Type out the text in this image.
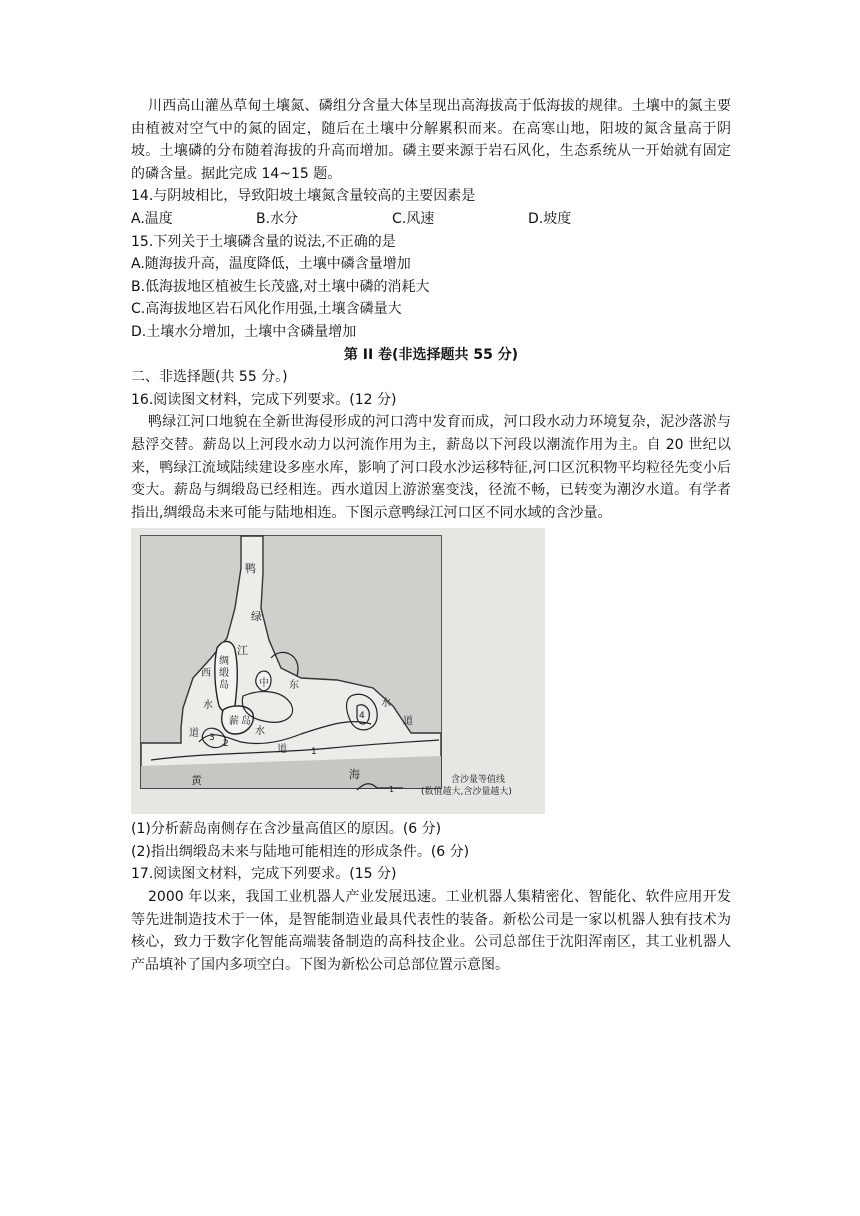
川西高山灌丛草甸土壤氮、磷组分含量大体呈现出高海拔高于低海拔的规律。土壤中的氮主要由植被对空气中的氮的固定，随后在土壤中分解累积而来。在高寒山地，阳坡的氮含量高于阴坡。土壤磷的分布随着海拔的升高而增加。磷主要来源于岩石风化，生态系统从一开始就有固定的磷含量。据此完成 14~15 题。

14.与阴坡相比，导致阳坡土壤氮含量较高的主要因素是

A.温度	B.水分	C.风速	D.坡度

15.下列关于土壤磷含量的说法,不正确的是

A.随海拔升高，温度降低，土壤中磷含量增加

B.低海拔地区植被生长茂盛,对土壤中磷的消耗大

C.高海拔地区岩石风化作用强,土壤含磷量大

D.土壤水分增加，土壤中含磷量增加

第 II 卷(非选择题共 55 分)

二、非选择题(共 55 分。)

16.阅读图文材料，完成下列要求。(12 分)

鸭绿江河口地貌在全新世海侵形成的河口湾中发育而成，河口段水动力环境复杂，泥沙落淤与悬浮交替。薪岛以上河段水动力以河流作用为主，薪岛以下河段以潮流作用为主。自 20 世纪以来，鸭绿江流域陆续建设多座水库，影响了河口段水沙运移特征,河口区沉积物平均粒径先变小后变大。薪岛与绸缎岛已经相连。西水道因上游淤塞变浅，径流不畅，已转变为潮汐水道。有学者指出,绸缎岛未来可能与陆地相连。下图示意鸭绿江河口区不同水域的含沙量。

鸭
绿
江
绸
缎
岛
西
水
道
薪 岛
中
水
道
东
水
道
黄	海
1
2
3
4
1
含沙量等值线
(数值越大,含沙量越大)

(1)分析薪岛南侧存在含沙量高值区的原因。(6 分)

(2)指出绸缎岛未来与陆地可能相连的形成条件。(6 分)

17.阅读图文材料，完成下列要求。(15 分)

2000 年以来，我国工业机器人产业发展迅速。工业机器人集精密化、智能化、软件应用开发等先进制造技术于一体，是智能制造业最具代表性的装备。新松公司是一家以机器人独有技术为核心，致力于数字化智能高端装备制造的高科技企业。公司总部住于沈阳浑南区，其工业机器人产品填补了国内多项空白。下图为新松公司总部位置示意图。
